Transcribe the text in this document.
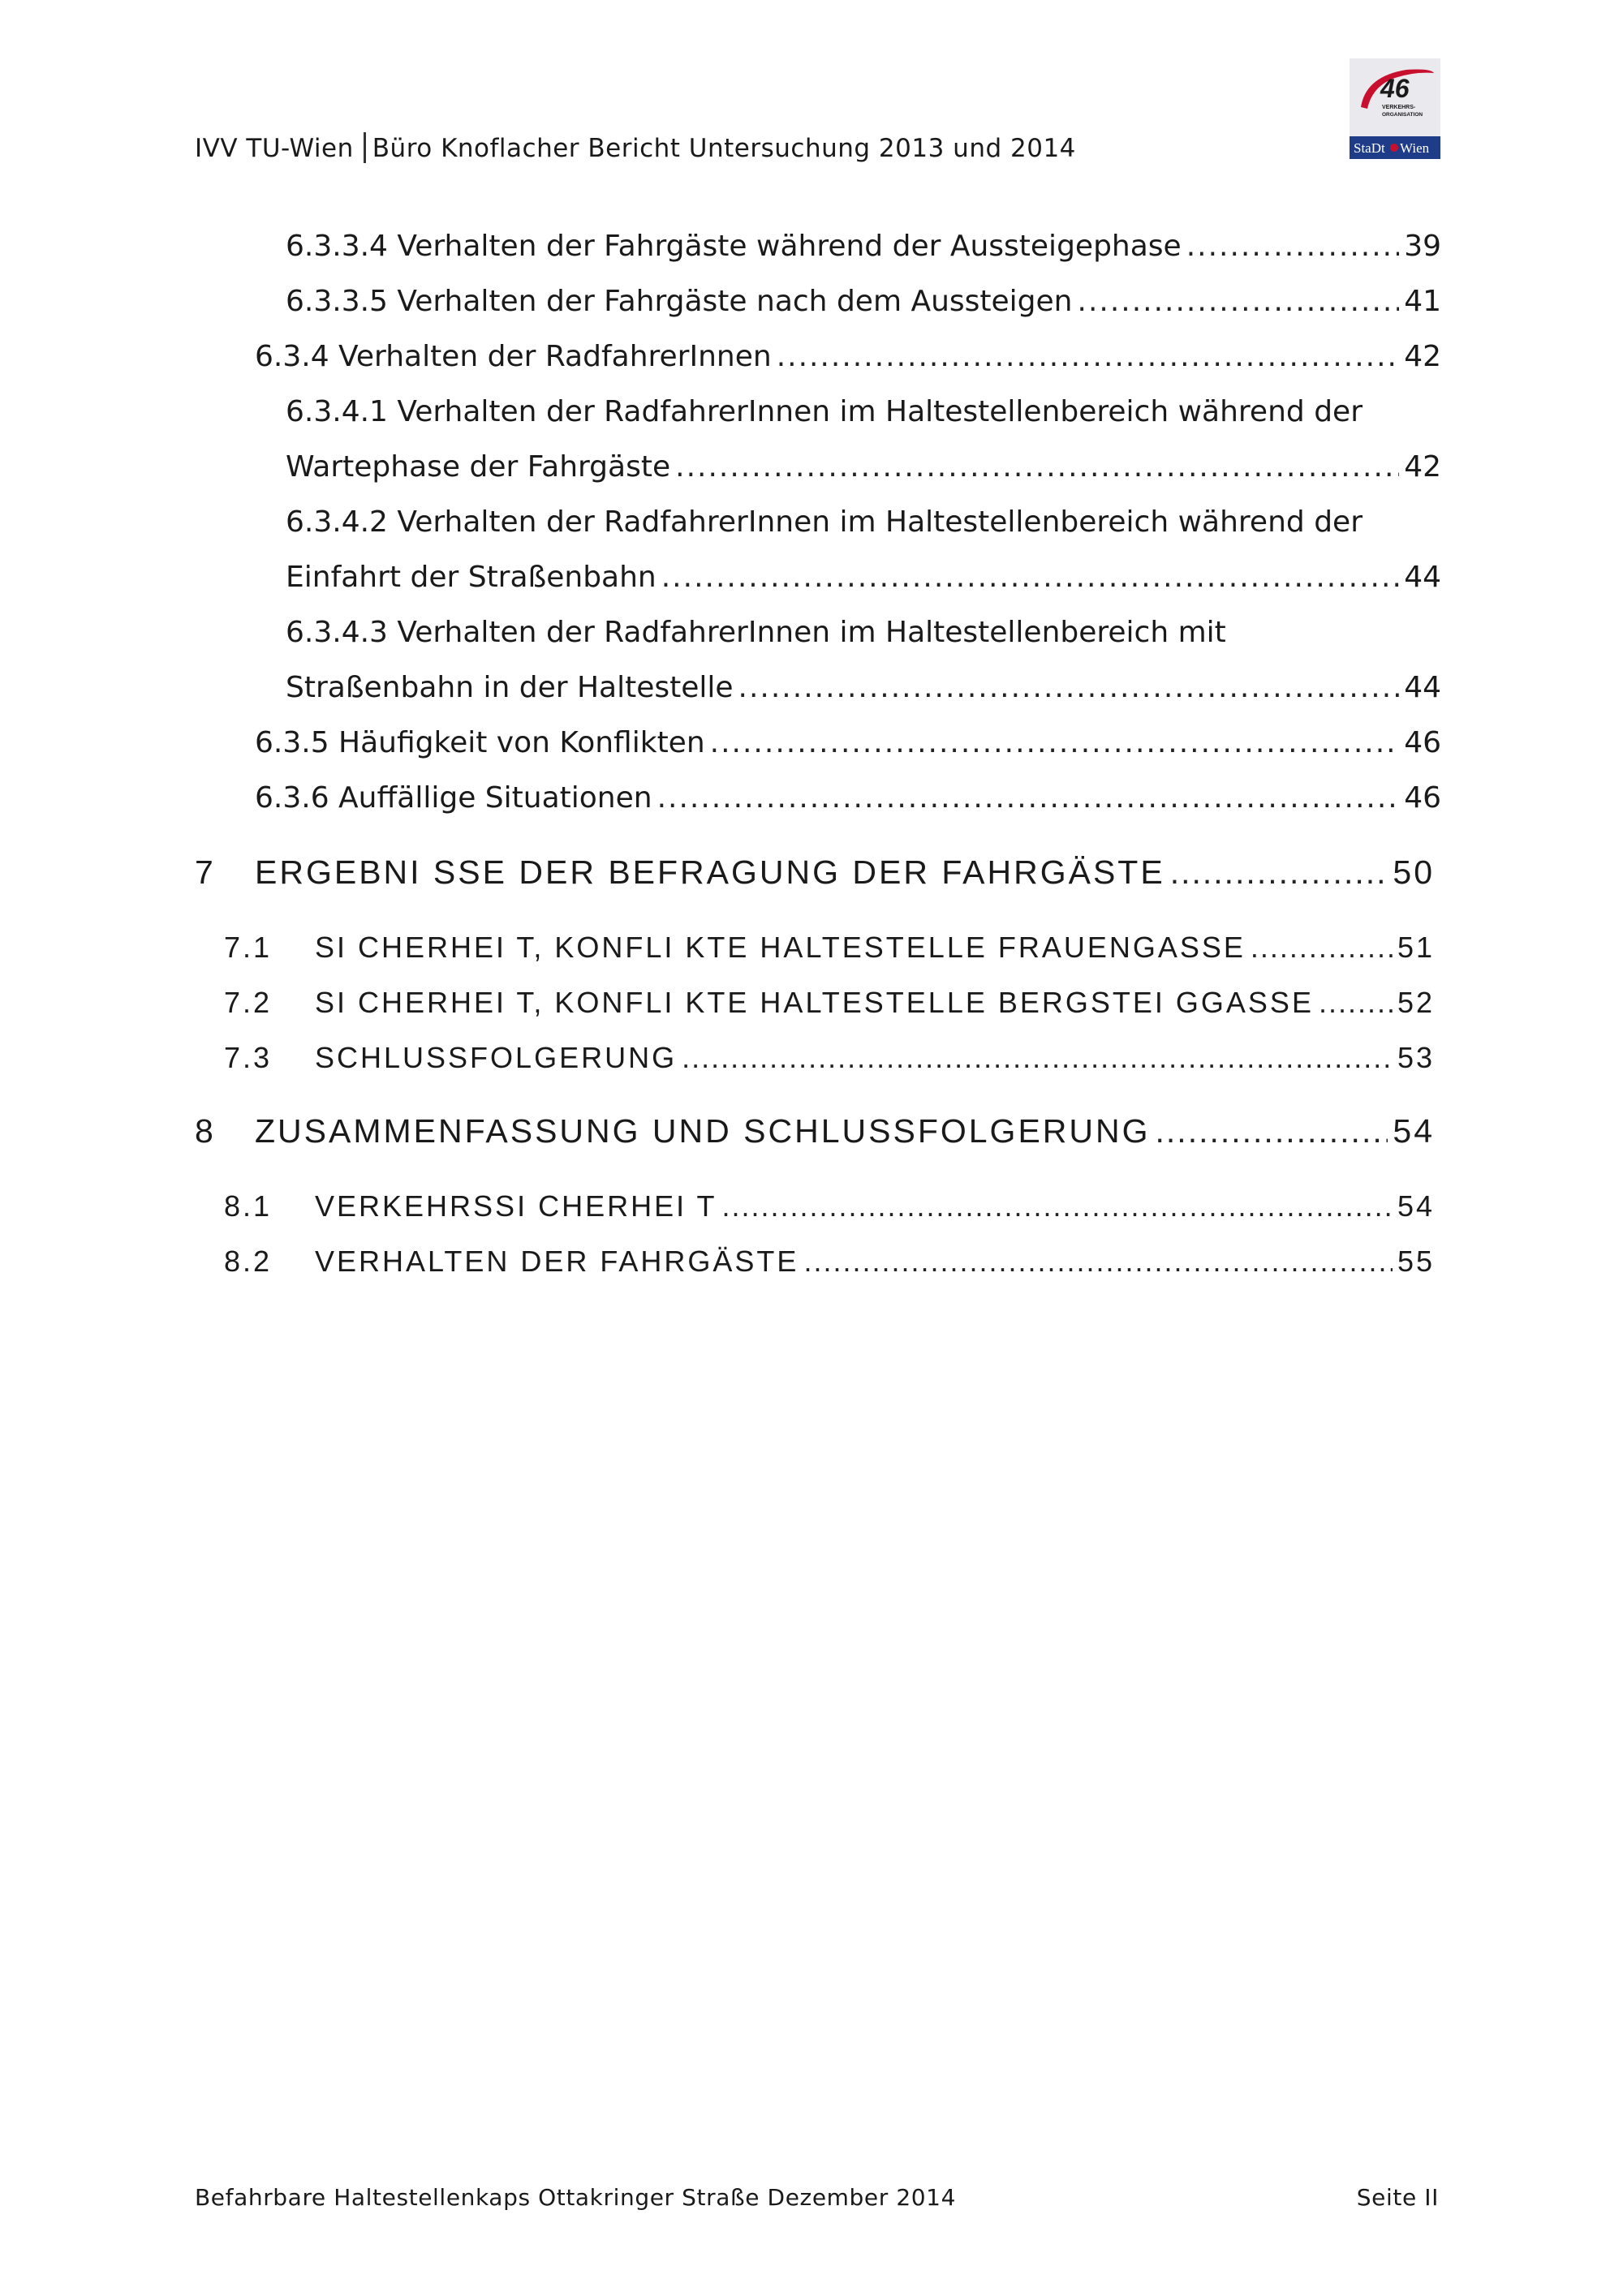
IVV TU-Wien Büro Knoflacher Bericht Untersuchung 2013 und 2014
46
VERKEHRS-
ORGANISATION
StaDt Wien
6.3.3.4 Verhalten der Fahrgäste während der Aussteigephase .....	39
6.3.3.5 Verhalten der Fahrgäste nach dem Aussteigen .....	41
6.3.4 Verhalten der RadfahrerInnen .....	42
6.3.4.1 Verhalten der RadfahrerInnen im Haltestellenbereich während der
Wartephase der Fahrgäste .....	42
6.3.4.2 Verhalten der RadfahrerInnen im Haltestellenbereich während der
Einfahrt der Straßenbahn .....	44
6.3.4.3 Verhalten der RadfahrerInnen im Haltestellenbereich mit
Straßenbahn in der Haltestelle .....	44
6.3.5 Häufigkeit von Konflikten .....	46
6.3.6 Auffällige Situationen .....	46
7	ERGEBNI SSE DER BEFRAGUNG DER FAHRGÄSTE .....	50
7.1	SI CHERHEI T, KONFLI KTE HALTESTELLE FRAUENGASSE .....	51
7.2	SI CHERHEI T, KONFLI KTE HALTESTELLE BERGSTEI GGASSE .....	52
7.3	SCHLUSSFOLGERUNG .....	53
8	ZUSAMMENFASSUNG UND SCHLUSSFOLGERUNG .....	54
8.1	VERKEHRSSI CHERHEI T .....	54
8.2	VERHALTEN DER FAHRGÄSTE .....	55
Befahrbare Haltestellenkaps Ottakringer Straße Dezember 2014	Seite II
